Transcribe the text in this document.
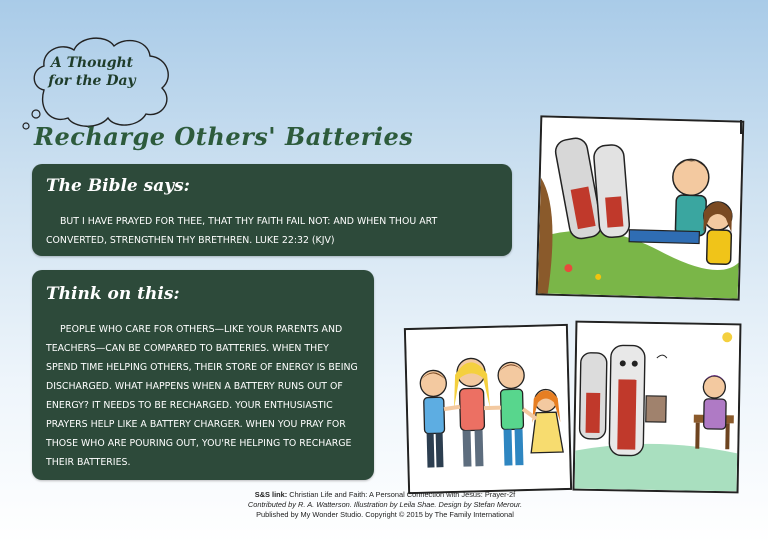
A Thought
for the Day
Recharge Others' Batteries
The Bible says:
BUT I HAVE PRAYED FOR THEE, THAT THY FAITH FAIL NOT: AND WHEN THOU ART CONVERTED, STRENGTHEN THY BRETHREN. LUKE 22:32 (KJV)
Think on this:
PEOPLE WHO CARE FOR OTHERS—LIKE YOUR PARENTS AND TEACHERS—CAN BE COMPARED TO BATTERIES. WHEN THEY SPEND TIME HELPING OTHERS, THEIR STORE OF ENERGY IS BEING DISCHARGED. WHAT HAPPENS WHEN A BATTERY RUNS OUT OF ENERGY? IT NEEDS TO BE RECHARGED. YOUR ENTHUSIASTIC PRAYERS HELP LIKE A BATTERY CHARGER. WHEN YOU PRAY FOR THOSE WHO ARE POURING OUT, YOU'RE HELPING TO RECHARGE THEIR BATTERIES.
S&S link: Christian Life and Faith: A Personal Connection with Jesus: Prayer-2f
Contributed by R. A. Watterson. Illustration by Leila Shae. Design by Stefan Merour.
Published by My Wonder Studio. Copyright © 2015 by The Family International
